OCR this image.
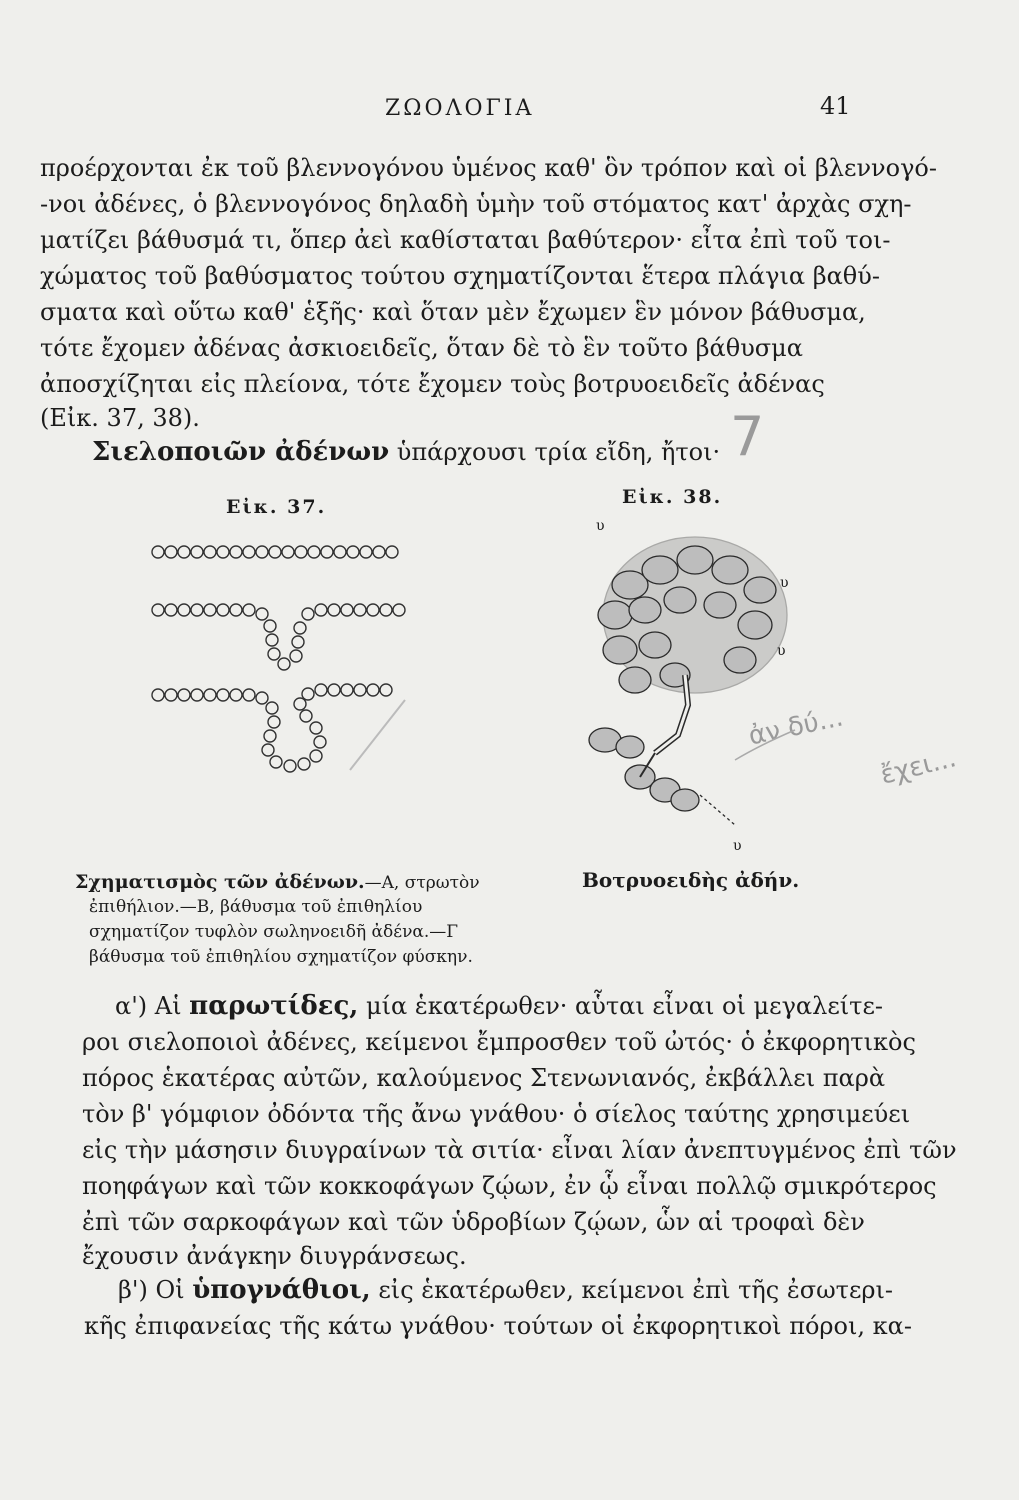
ΖΩΟΛΟΓΙΑ	41
προέρχονται ἐκ τοῦ βλεννογόνου ὑμένος καθ' ὃν τρόπον καὶ οἱ βλεννογό-
-νοι ἀδένες, ὁ βλεννογόνος δηλαδὴ ὑμὴν τοῦ στόματος κατ' ἀρχὰς σχη-
ματίζει βάθυσμά τι, ὅπερ ἀεὶ καθίσταται βαθύτερον· εἶτα ἐπὶ τοῦ τοι-
χώματος τοῦ βαθύσματος τούτου σχηματίζονται ἕτερα πλάγια βαθύ-
σματα καὶ οὕτω καθ' ἑξῆς· καὶ ὅταν μὲν ἔχωμεν ἓν μόνον βάθυσμα,
τότε ἔχομεν ἀδένας ἀσκιοειδεῖς, ὅταν δὲ τὸ ἓν τοῦτο βάθυσμα
ἀποσχίζηται εἰς πλείονα, τότε ἔχομεν τοὺς βοτρυοειδεῖς ἀδένας
(Εἰκ. 37, 38).
Σιελοποιῶν ἀδένων ὑπάρχουσι τρία εἴδη, ἤτοι· 7
ἀν δύ...
ἔχει...
Εἰκ. 37.	Εἰκ. 38.
υ
υ
υ
υ
Σχηματισμὸς τῶν ἀδένων.—Α, στρωτὸν
ἐπιθήλιον.—Β, βάθυσμα τοῦ ἐπιθηλίου
σχηματίζον τυφλὸν σωληνοειδῆ ἀδένα.—Γ
βάθυσμα τοῦ ἐπιθηλίου σχηματίζον φύσκην.
Βοτρυοειδὴς ἀδήν.
α') Αἱ παρωτίδες, μία ἑκατέρωθεν· αὗται εἶναι οἱ μεγαλείτε-
ροι σιελοποιοὶ ἀδένες, κείμενοι ἔμπροσθεν τοῦ ὠτός· ὁ ἐκφορητικὸς
πόρος ἑκατέρας αὐτῶν, καλούμενος Στενωνιανός, ἐκβάλλει παρὰ
τὸν β' γόμφιον ὀδόντα τῆς ἄνω γνάθου· ὁ σίελος ταύτης χρησιμεύει
εἰς τὴν μάσησιν διυγραίνων τὰ σιτία· εἶναι λίαν ἀνεπτυγμένος ἐπὶ τῶν
ποηφάγων καὶ τῶν κοκκοφάγων ζῴων, ἐν ᾧ εἶναι πολλῷ σμικρότερος
ἐπὶ τῶν σαρκοφάγων καὶ τῶν ὑδροβίων ζῴων, ὧν αἱ τροφαὶ δὲν
ἔχουσιν ἀνάγκην διυγράνσεως.
β') Οἱ ὑπογνάθιοι, εἰς ἑκατέρωθεν, κείμενοι ἐπὶ τῆς ἐσωτερι-
κῆς ἐπιφανείας τῆς κάτω γνάθου· τούτων οἱ ἐκφορητικοὶ πόροι, κα-
